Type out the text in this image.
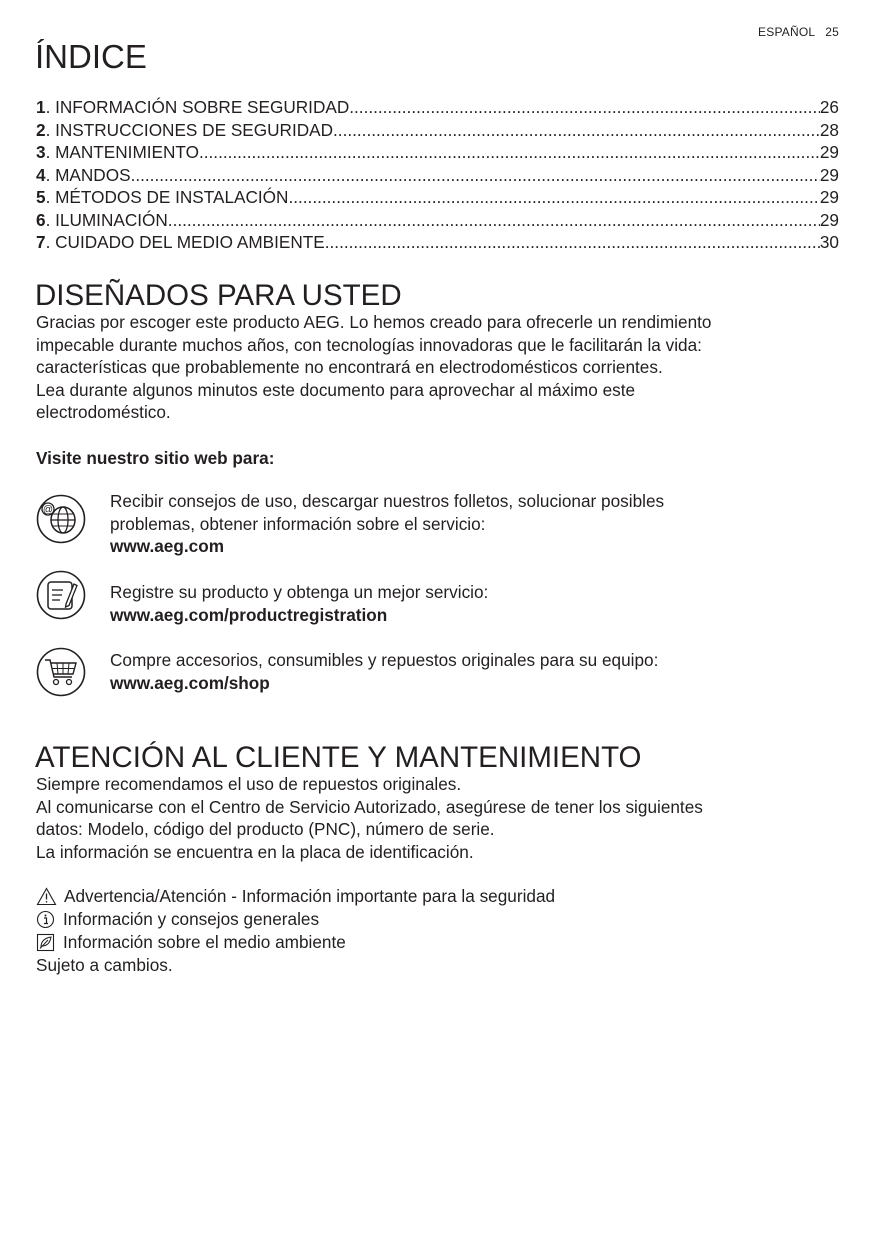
ESPAÑOL 25
ÍNDICE
1 . INFORMACIÓN SOBRE SEGURIDAD .....	26
2 . INSTRUCCIONES DE SEGURIDAD .....	28
3 . MANTENIMIENTO .....	29
4 . MANDOS .....	29
5 . MÉTODOS DE INSTALACIÓN .....	29
6 . ILUMINACIÓN .....	29
7 . CUIDADO DEL MEDIO AMBIENTE .....	30
DISEÑADOS PARA USTED

Gracias por escoger este producto AEG. Lo hemos creado para ofrecerle un rendimiento

impecable durante muchos años, con tecnologías innovadoras que le facilitarán la vida:

características que probablemente no encontrará en electrodomésticos corrientes.

Lea durante algunos minutos este documento para aprovechar al máximo este

electrodoméstico.

Visite nuestro sitio web para:
@	Recibir consejos de uso, descargar nuestros folletos, solucionar posibles
problemas, obtener información sobre el servicio:
www.aeg.com
Registre su producto y obtenga un mejor servicio:
www.aeg.com/productregistration
Compre accesorios, consumibles y repuestos originales para su equipo:
www.aeg.com/shop
ATENCIÓN AL CLIENTE Y MANTENIMIENTO

Siempre recomendamos el uso de repuestos originales.

Al comunicarse con el Centro de Servicio Autorizado, asegúrese de tener los siguientes

datos: Modelo, código del producto (PNC), número de serie.

La información se encuentra en la placa de identificación.

Advertencia/Atención - Información importante para la seguridad
Información y consejos generales
Información sobre el medio ambiente
Sujeto a cambios.
